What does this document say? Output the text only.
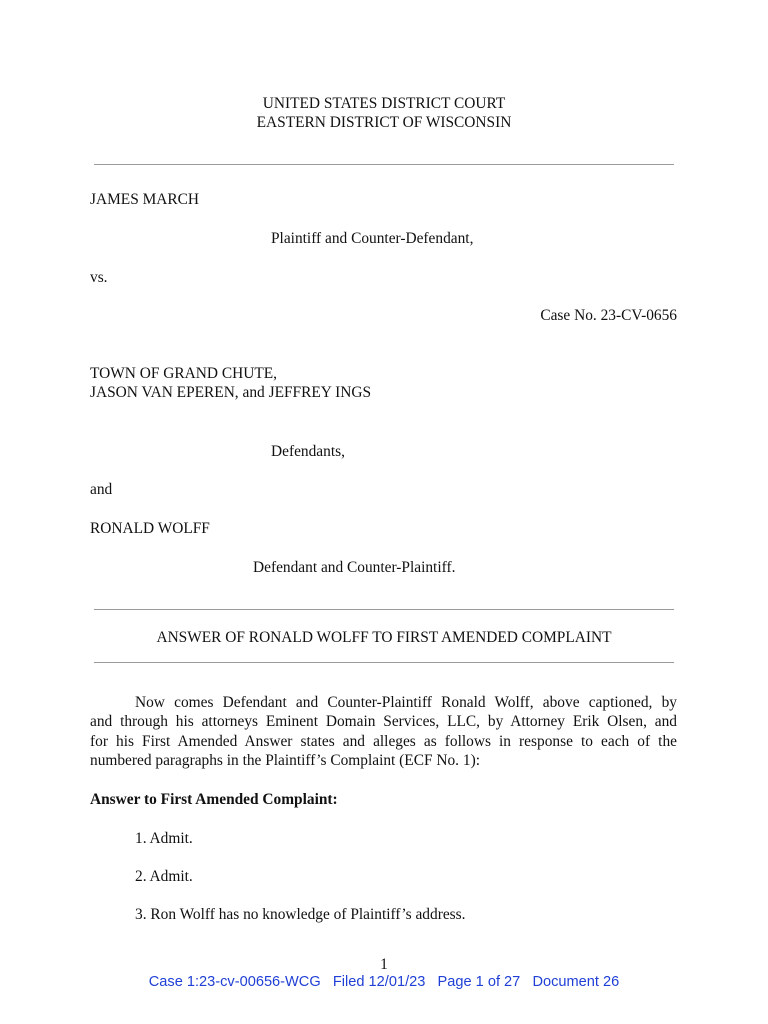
UNITED STATES DISTRICT COURT
EASTERN DISTRICT OF WISCONSIN
JAMES MARCH
Plaintiff and Counter-Defendant,
vs.
Case No. 23-CV-0656
TOWN OF GRAND CHUTE,
JASON VAN EPEREN, and JEFFREY INGS
Defendants,
and
RONALD WOLFF
Defendant and Counter-Plaintiff.
ANSWER OF RONALD WOLFF TO FIRST AMENDED COMPLAINT
Now comes Defendant and Counter-Plaintiff Ronald Wolff, above captioned, by
and through his attorneys Eminent Domain Services, LLC, by Attorney Erik Olsen, and
for his First Amended Answer states and alleges as follows in response to each of the
numbered paragraphs in the Plaintiff’s Complaint (ECF No. 1):
Answer to First Amended Complaint:
1. Admit.
2. Admit.
3. Ron Wolff has no knowledge of Plaintiff’s address.
1
Case 1:23-cv-00656-WCG   Filed 12/01/23   Page 1 of 27   Document 26
